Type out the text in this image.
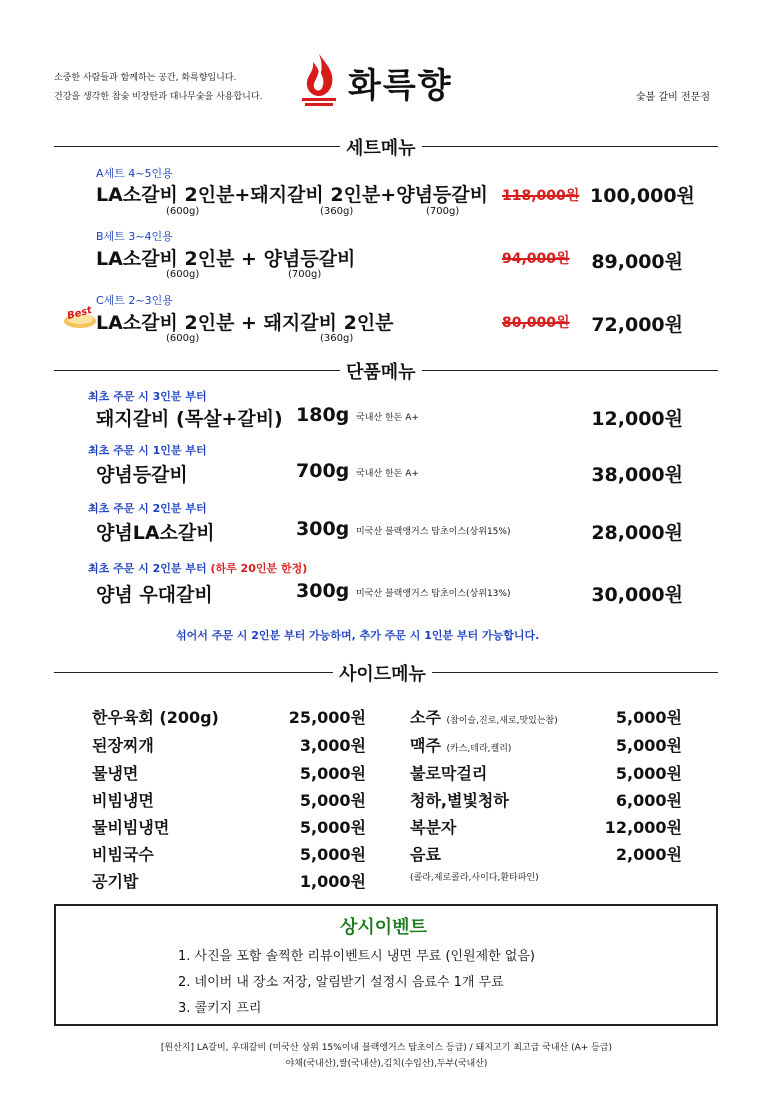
소중한 사람들과 함께하는 공간, 화륵향입니다.
건강을 생각한 참숯 비장탄과 대나무숯을 사용합니다.	화륵향	숯불 갈비 전문점
세트메뉴
A세트 4~5인용
LA소갈비 2인분+돼지갈비 2인분+양념등갈비
(600g)	(360g)	(700g)
118,000원 100,000원
B세트 3~4인용
LA소갈비 2인분 + 양념등갈비
(600g)	(700g)
94,000원 89,000원
C세트 2~3인용
Best LA소갈비 2인분 + 돼지갈비 2인분
(600g)	(360g)
80,000원 72,000원
단품메뉴
최초 주문 시 3인분 부터
돼지갈비 (목살+갈비) 180g 국내산 한돈 A+	12,000원
최초 주문 시 1인분 부터
양념등갈비	700g 국내산 한돈 A+	38,000원
최초 주문 시 2인분 부터
양념LA소갈비	300g 미국산 블랙앵거스 탑초이스(상위15%)	28,000원
최초 주문 시 2인분 부터 (하루 20인분 한정)
양념 우대갈비	300g 미국산 블랙앵거스 탑초이스(상위13%)	30,000원
섞어서 주문 시 2인분 부터 가능하며, 추가 주문 시 1인분 부터 가능합니다.
사이드메뉴
한우육회 (200g)	25,000원
된장찌개	3,000원
물냉면	5,000원
비빔냉면	5,000원
물비빔냉면	5,000원
비빔국수	5,000원
공기밥	1,000원
소주 (참이슬,진로,새로,맛있는참)	5,000원
맥주 (카스,테라,켈리)	5,000원
불로막걸리	5,000원
청하,별빛청하	6,000원
복분자	12,000원
음료	2,000원
(콜라,제로콜라,사이다,환타파인)
상시이벤트
1. 사진을 포함 솔찍한 리뷰이벤트시 냉면 무료 (인원제한 없음)
2. 네이버 내 장소 저장, 알림받기 설정시 음료수 1개 무료
3. 콜키지 프리
[원산지] LA갈비, 우대갈비 (미국산 상위 15%이내 블랙앵거스 탑초이스 등급) / 돼지고기 최고급 국내산 (A+ 등급)
야채(국내산),쌀(국내산),김치(수입산),두부(국내산)
